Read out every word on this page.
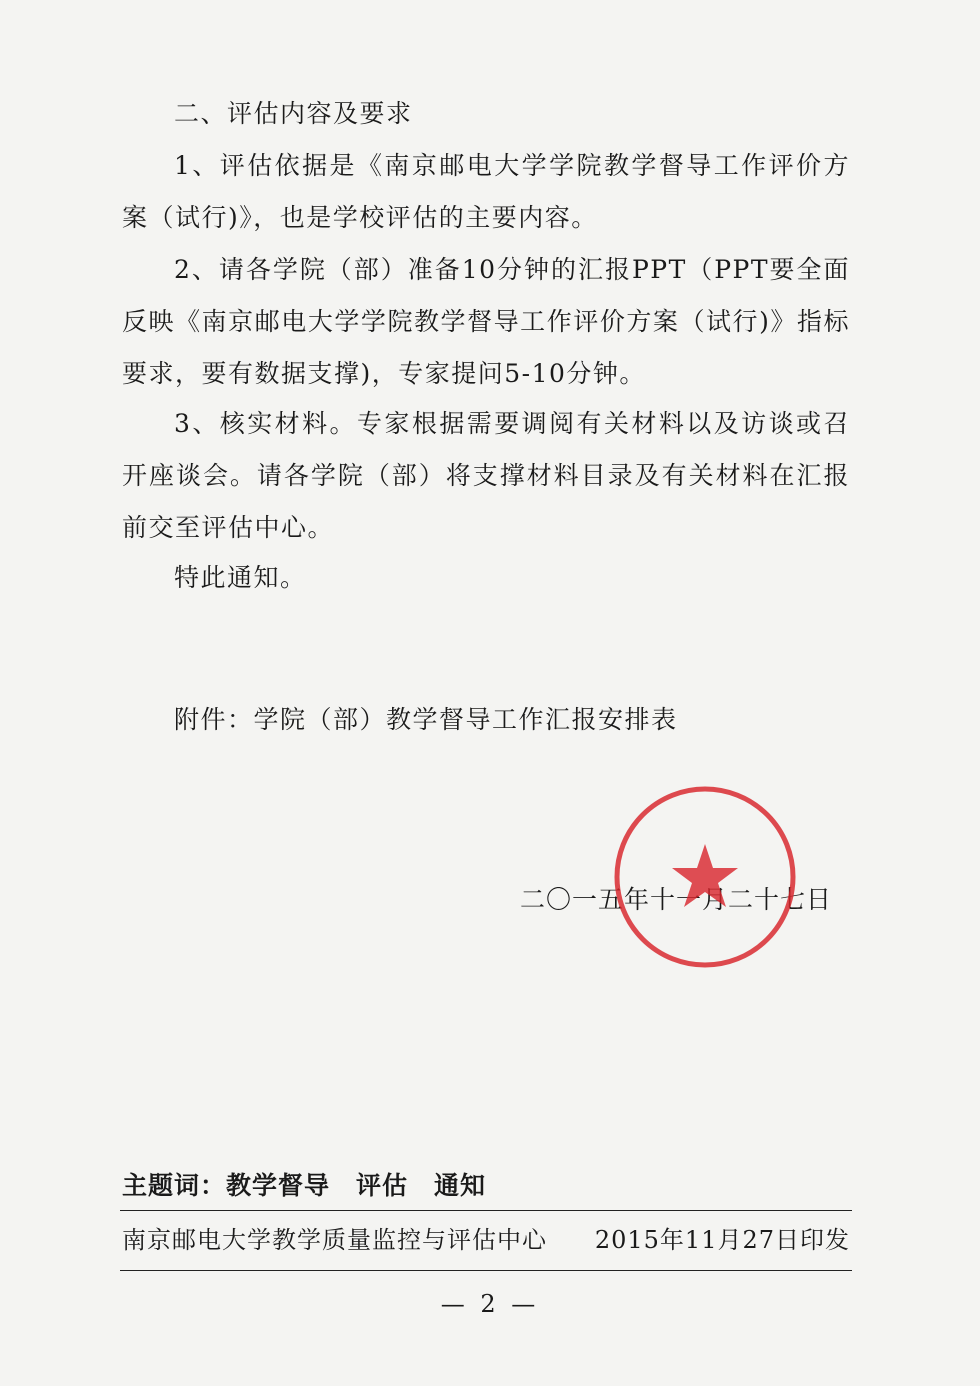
二、评估内容及要求

1、评估依据是《南京邮电大学学院教学督导工作评价方案（试行)》，也是学校评估的主要内容。

2、请各学院（部）准备10分钟的汇报PPT（PPT要全面反映《南京邮电大学学院教学督导工作评价方案（试行)》指标要求，要有数据支撑)，专家提问5-10分钟。

3、核实材料。专家根据需要调阅有关材料以及访谈或召开座谈会。请各学院（部）将支撑材料目录及有关材料在汇报前交至评估中心。

特此通知。

附件：学院（部）教学督导工作汇报安排表

二〇一五年十一月二十七日
主题词：教学督导 评估 通知
南京邮电大学教学质量监控与评估中心 2015年11月27日印发
— 2 —
